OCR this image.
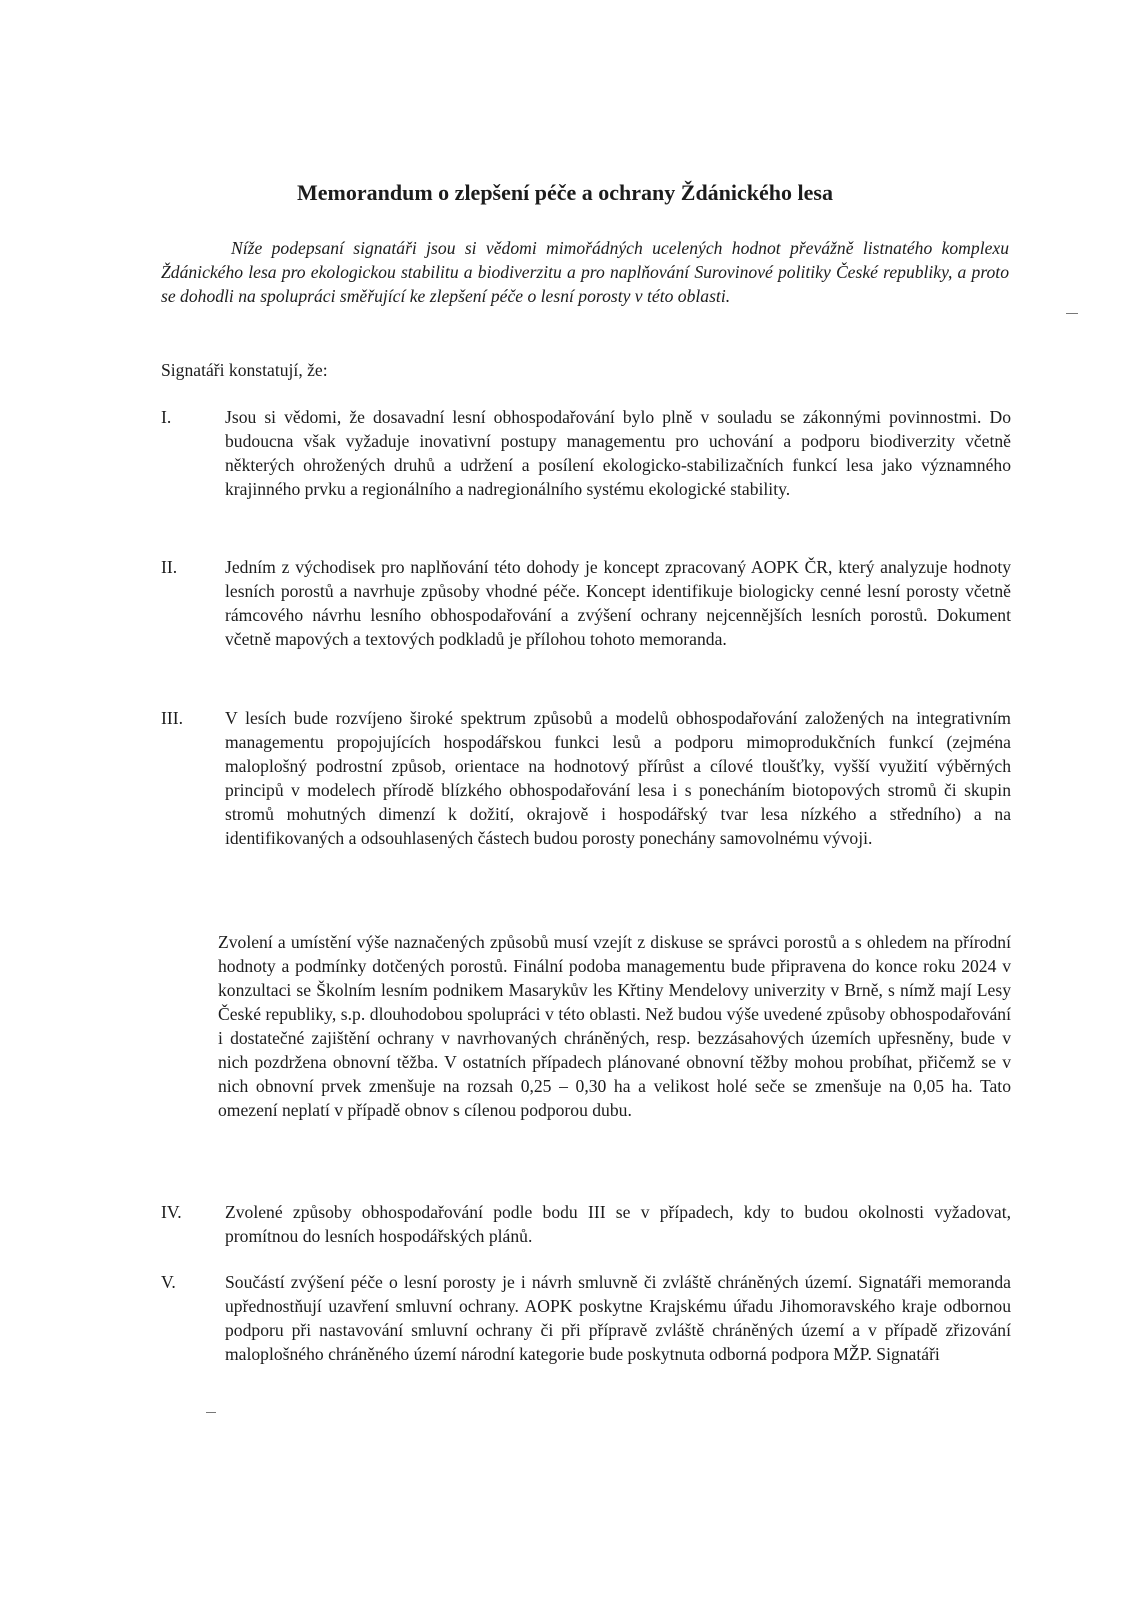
Memorandum o zlepšení péče a ochrany Ždánického lesa

Níže podepsaní signatáři jsou si vědomi mimořádných ucelených hodnot převážně listnatého komplexu Ždánického lesa pro ekologickou stabilitu a biodiverzitu a pro naplňování Surovinové politiky České republiky, a proto se dohodli na spolupráci směřující ke zlepšení péče o lesní porosty v této oblasti.

Signatáři konstatují, že:

I.	Jsou si vědomi, že dosavadní lesní obhospodařování bylo plně v souladu se zákonnými povinnostmi. Do budoucna však vyžaduje inovativní postupy managementu pro uchování a podporu biodiverzity včetně některých ohrožených druhů a udržení a posílení ekologicko-stabilizačních funkcí lesa jako významného krajinného prvku a regionálního a nadregionálního systému ekologické stability.
II.	Jedním z východisek pro naplňování této dohody je koncept zpracovaný AOPK ČR, který analyzuje hodnoty lesních porostů a navrhuje způsoby vhodné péče. Koncept identifikuje biologicky cenné lesní porosty včetně rámcového návrhu lesního obhospodařování a zvýšení ochrany nejcennějších lesních porostů. Dokument včetně mapových a textových podkladů je přílohou tohoto memoranda.
III. V lesích bude rozvíjeno široké spektrum způsobů a modelů obhospodařování založených na integrativním managementu propojujících hospodářskou funkci lesů a podporu mimoprodukčních funkcí (zejména maloplošný podrostní způsob, orientace na hodnotový přírůst a cílové tloušťky, vyšší využití výběrných principů v modelech přírodě blízkého obhospodařování lesa i s ponecháním biotopových stromů či skupin stromů mohutných dimenzí k dožití, okrajově i hospodářský tvar lesa nízkého a středního) a na identifikovaných a odsouhlasených částech budou porosty ponechány samovolnému vývoji.

Zvolení a umístění výše naznačených způsobů musí vzejít z diskuse se správci porostů a s ohledem na přírodní hodnoty a podmínky dotčených porostů. Finální podoba managementu bude připravena do konce roku 2024 v konzultaci se Školním lesním podnikem Masarykův les Křtiny Mendelovy univerzity v Brně, s nímž mají Lesy České republiky, s.p. dlouhodobou spolupráci v této oblasti. Než budou výše uvedené způsoby obhospodařování i dostatečné zajištění ochrany v navrhovaných chráněných, resp. bezzásahových územích upřesněny, bude v nich pozdržena obnovní těžba. V ostatních případech plánované obnovní těžby mohou probíhat, přičemž se v nich obnovní prvek zmenšuje na rozsah 0,25 – 0,30 ha a velikost holé seče se zmenšuje na 0,05 ha. Tato omezení neplatí v případě obnov s cílenou podporou dubu.

IV. Zvolené způsoby obhospodařování podle bodu III se v případech, kdy to budou okolnosti vyžadovat, promítnou do lesních hospodářských plánů.
V.	Součástí zvýšení péče o lesní porosty je i návrh smluvně či zvláště chráněných území. Signatáři memoranda upřednostňují uzavření smluvní ochrany. AOPK poskytne Krajskému úřadu Jihomoravského kraje odbornou podporu při nastavování smluvní ochrany či při přípravě zvláště chráněných území a v případě zřizování maloplošného chráněného území národní kategorie bude poskytnuta odborná podpora MŽP. Signatáři
